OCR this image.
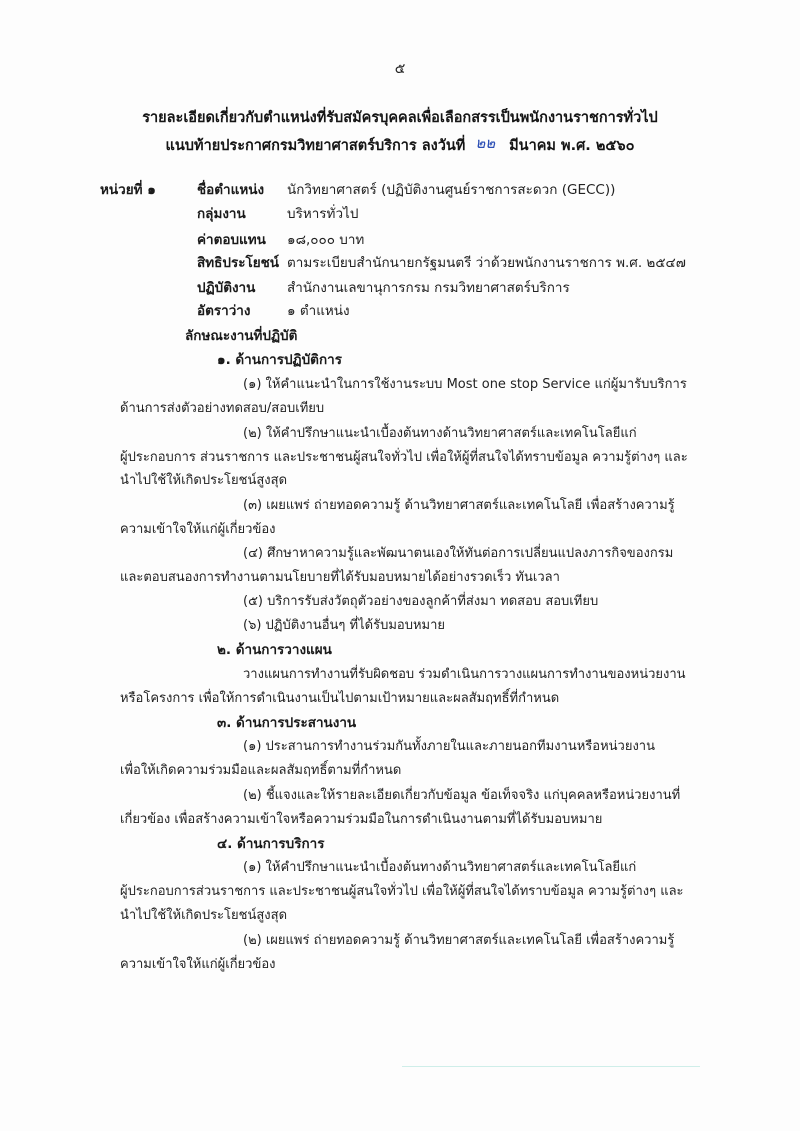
๕
รายละเอียดเกี่ยวกับตำแหน่งที่รับสมัครบุคคลเพื่อเลือกสรรเป็นพนักงานราชการทั่วไป
แนบท้ายประกาศกรมวิทยาศาสตร์บริการ ลงวันที่ ๒๒ มีนาคม พ.ศ. ๒๕๖๐
หน่วยที่ ๑	ชื่อตำแหน่ง นักวิทยาศาสตร์ (ปฏิบัติงานศูนย์ราชการสะดวก (GECC))
กลุ่มงาน	บริหารทั่วไป
ค่าตอบแทน ๑๘,๐๐๐ บาท
สิทธิประโยชน์ ตามระเบียบสำนักนายกรัฐมนตรี ว่าด้วยพนักงานราชการ พ.ศ. ๒๕๔๗
ปฏิบัติงาน สำนักงานเลขานุการกรม กรมวิทยาศาสตร์บริการ
อัตราว่าง	๑ ตำแหน่ง
ลักษณะงานที่ปฏิบัติ
๑. ด้านการปฏิบัติการ
(๑) ให้คำแนะนำในการใช้งานระบบ Most one stop Service แก่ผู้มารับบริการ
ด้านการส่งตัวอย่างทดสอบ/สอบเทียบ
(๒) ให้คำปรึกษาแนะนำเบื้องต้นทางด้านวิทยาศาสตร์และเทคโนโลยีแก่
ผู้ประกอบการ ส่วนราชการ และประชาชนผู้สนใจทั่วไป เพื่อให้ผู้ที่สนใจได้ทราบข้อมูล ความรู้ต่างๆ และ
นำไปใช้ให้เกิดประโยชน์สูงสุด
(๓) เผยแพร่ ถ่ายทอดความรู้ ด้านวิทยาศาสตร์และเทคโนโลยี เพื่อสร้างความรู้
ความเข้าใจให้แก่ผู้เกี่ยวข้อง
(๔) ศึกษาหาความรู้และพัฒนาตนเองให้ทันต่อการเปลี่ยนแปลงภารกิจของกรม
และตอบสนองการทำงานตามนโยบายที่ได้รับมอบหมายได้อย่างรวดเร็ว ทันเวลา
(๕) บริการรับส่งวัตถุตัวอย่างของลูกค้าที่ส่งมา ทดสอบ สอบเทียบ
(๖) ปฏิบัติงานอื่นๆ ที่ได้รับมอบหมาย
๒. ด้านการวางแผน
วางแผนการทำงานที่รับผิดชอบ ร่วมดำเนินการวางแผนการทำงานของหน่วยงาน
หรือโครงการ เพื่อให้การดำเนินงานเป็นไปตามเป้าหมายและผลสัมฤทธิ์ที่กำหนด
๓. ด้านการประสานงาน
(๑) ประสานการทำงานร่วมกันทั้งภายในและภายนอกทีมงานหรือหน่วยงาน
เพื่อให้เกิดความร่วมมือและผลสัมฤทธิ์ตามที่กำหนด
(๒) ชี้แจงและให้รายละเอียดเกี่ยวกับข้อมูล ข้อเท็จจริง แก่บุคคลหรือหน่วยงานที่
เกี่ยวข้อง เพื่อสร้างความเข้าใจหรือความร่วมมือในการดำเนินงานตามที่ได้รับมอบหมาย
๔. ด้านการบริการ
(๑) ให้คำปรึกษาแนะนำเบื้องต้นทางด้านวิทยาศาสตร์และเทคโนโลยีแก่
ผู้ประกอบการส่วนราชการ และประชาชนผู้สนใจทั่วไป เพื่อให้ผู้ที่สนใจได้ทราบข้อมูล ความรู้ต่างๆ และ
นำไปใช้ให้เกิดประโยชน์สูงสุด
(๒) เผยแพร่ ถ่ายทอดความรู้ ด้านวิทยาศาสตร์และเทคโนโลยี เพื่อสร้างความรู้
ความเข้าใจให้แก่ผู้เกี่ยวข้อง
